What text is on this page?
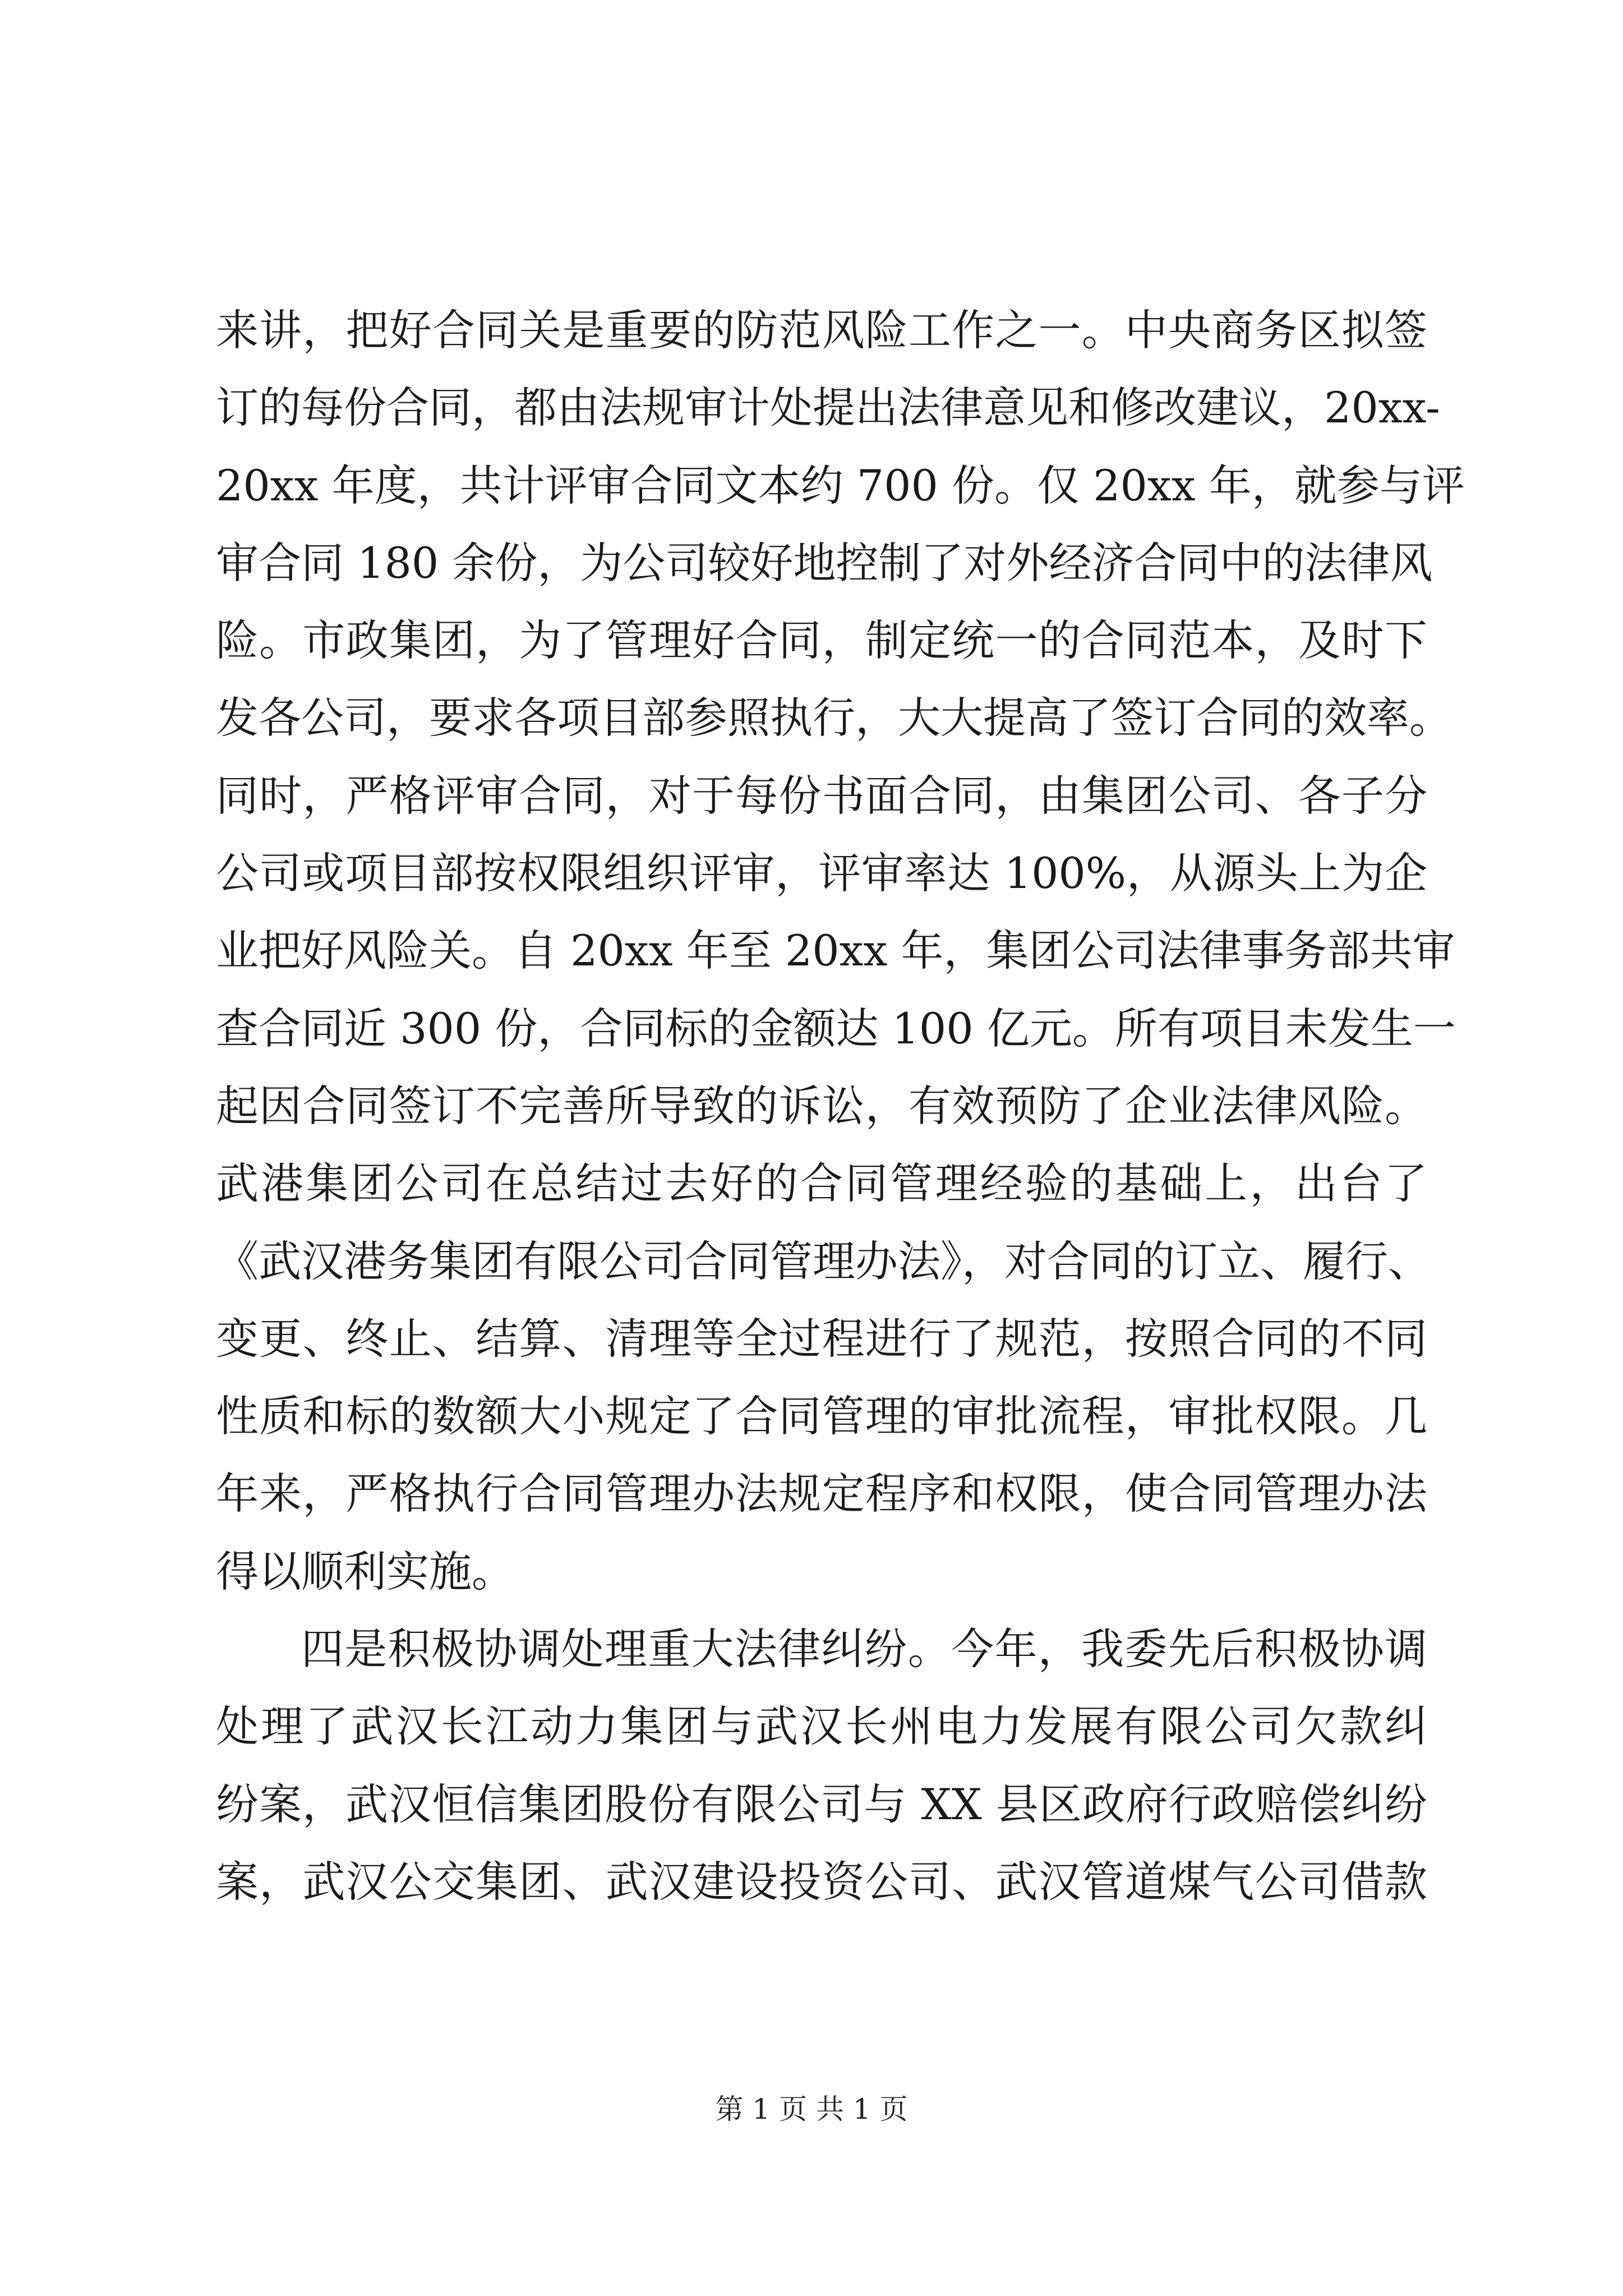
来讲，把好合同关是重要的防范风险工作之一。中央商务区拟签
订的每份合同，都由法规审计处提出法律意见和修改建议，20xx-
20xx 年度，共计评审合同文本约 700 份。仅 20xx 年，就参与评
审合同 180 余份，为公司较好地控制了对外经济合同中的法律风
险。市政集团，为了管理好合同，制定统一的合同范本，及时下
发各公司，要求各项目部参照执行，大大提高了签订合同的效率。
同时，严格评审合同，对于每份书面合同，由集团公司、各子分
公司或项目部按权限组织评审，评审率达 100%，从源头上为企
业把好风险关。自 20xx 年至 20xx 年，集团公司法律事务部共审
查合同近 300 份，合同标的金额达 100 亿元。所有项目未发生一
起因合同签订不完善所导致的诉讼，有效预防了企业法律风险。
武港集团公司在总结过去好的合同管理经验的基础上，出台了
《武汉港务集团有限公司合同管理办法》，对合同的订立、履行、
变更、终止、结算、清理等全过程进行了规范，按照合同的不同
性质和标的数额大小规定了合同管理的审批流程，审批权限。几
年来，严格执行合同管理办法规定程序和权限，使合同管理办法
得以顺利实施。
四是积极协调处理重大法律纠纷。今年，我委先后积极协调
处理了武汉长江动力集团与武汉长州电力发展有限公司欠款纠
纷案，武汉恒信集团股份有限公司与 XX 县区政府行政赔偿纠纷
案，武汉公交集团、武汉建设投资公司、武汉管道煤气公司借款
第 1 页 共 1 页
